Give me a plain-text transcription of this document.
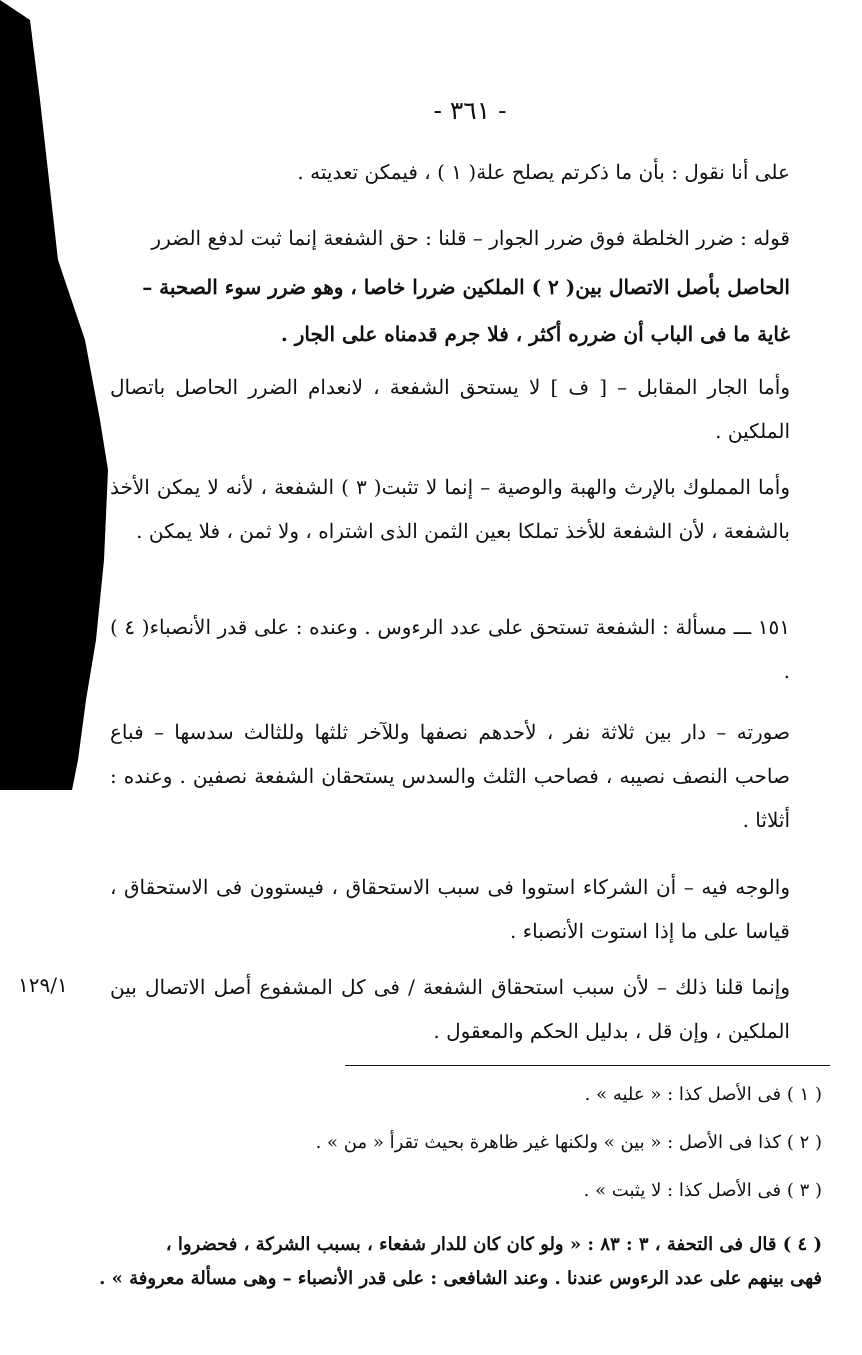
- ٣٦١ -

على أنا نقول : بأن ما ذكرتم يصلح علة( ١ ) ، فيمكن تعديته .

قوله : ضرر الخلطة فوق ضرر الجوار – قلنا : حق الشفعة إنما ثبت لدفع الضرر

الحاصل بأصل الاتصال بين( ٢ ) الملكين ضررا خاصا ، وهو ضرر سوء الصحبة –

غاية ما فى الباب أن ضرره أكثر ، فلا جرم قدمناه على الجار .

وأما الجار المقابل – [ ف ] لا يستحق الشفعة ، لانعدام الضرر الحاصل باتصال الملكين .

وأما المملوك بالإرث والهبة والوصية – إنما لا تثبت( ٣ ) الشفعة ، لأنه لا يمكن الأخذ بالشفعة ، لأن الشفعة للأخذ تملكا بعين الثمن الذى اشتراه ، ولا ثمن ، فلا يمكن .

١٥١ ـــ مسألة : الشفعة تستحق على عدد الرءوس . وعنده : على قدر الأنصباء( ٤ ) .

صورته – دار بين ثلاثة نفر ، لأحدهم نصفها وللآخر ثلثها وللثالث سدسها – فباع صاحب النصف نصيبه ، فصاحب الثلث والسدس يستحقان الشفعة نصفين . وعنده : أثلاثا .

والوجه فيه – أن الشركاء استووا فى سبب الاستحقاق ، فيستوون فى الاستحقاق ، قياسا على ما إذا استوت الأنصباء .

وإنما قلنا ذلك – لأن سبب استحقاق الشفعة / فى كل المشفوع أصل الاتصال بين الملكين ، وإن قل ، بدليل الحكم والمعقول .

١٢٩/١

( ١ ) فى الأصل كذا : « عليه » .

( ٢ ) كذا فى الأصل : « بين » ولكنها غير ظاهرة بحيث تقرأ « من » .

( ٣ ) فى الأصل كذا : لا يثبت » .

( ٤ ) قال فى التحفة ، ٣ : ٨٣ : « ولو كان كان للدار شفعاء ، بسبب الشركة ، فحضروا ،

فهى بينهم على عدد الرءوس عندنا . وعند الشافعى : على قدر الأنصباء – وهى مسألة معروفة » .
